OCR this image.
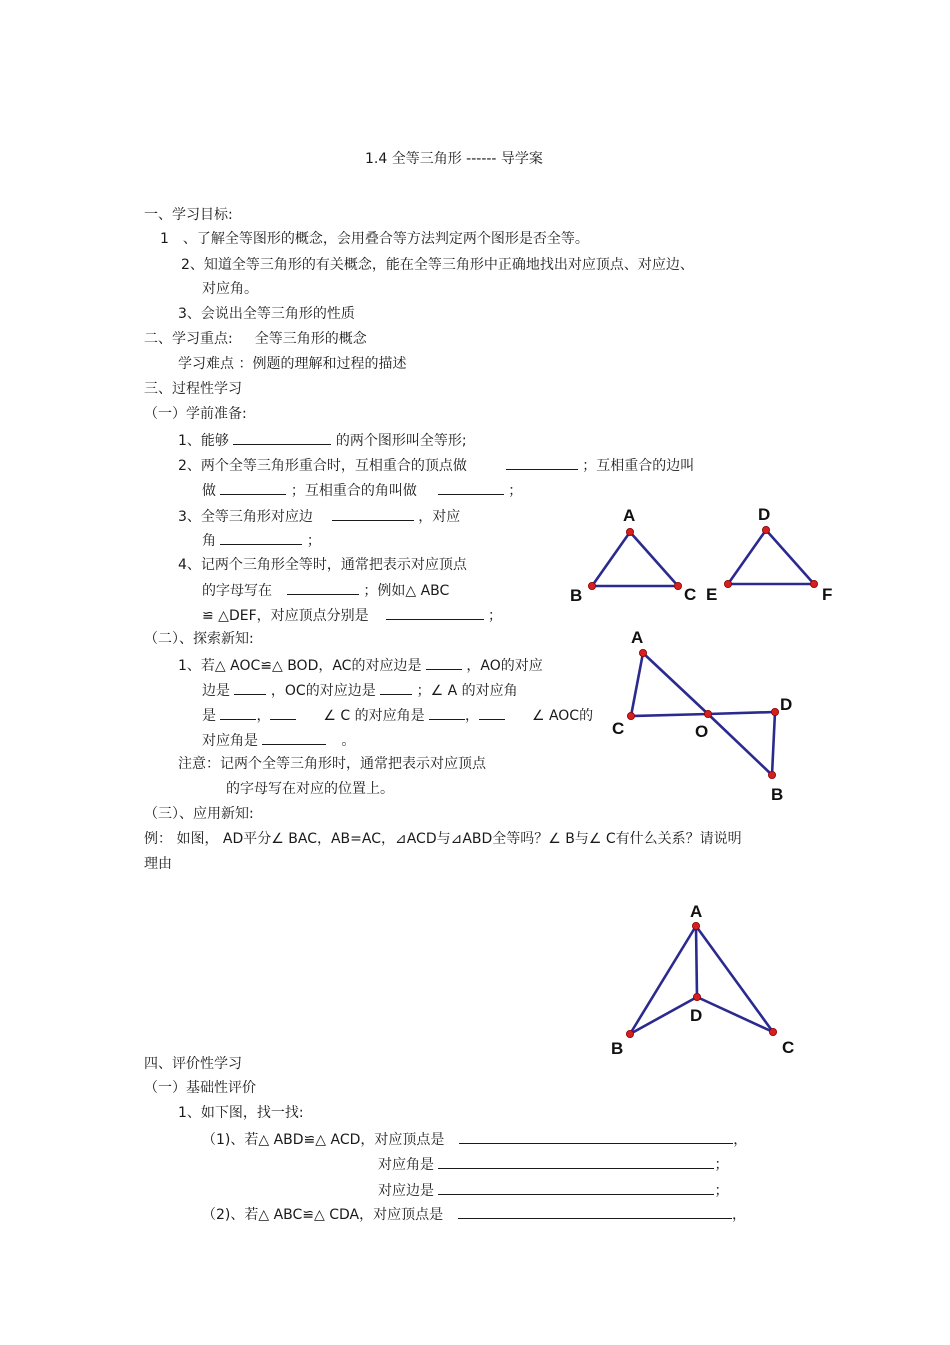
1.4 全等三角形 ------ 导学案
一、学习目标:
1 、了解全等图形的概念，会用叠合等方法判定两个图形是否全等。
2、知道全等三角形的有关概念，能在全等三角形中正确地找出对应顶点、对应边、
对应角。
3、会说出全等三角形的性质
二、学习重点: 全等三角形的概念
学习难点 ：例题的理解和过程的描述
三、过程性学习
（一）学前准备:
1、能够	的两个图形叫全等形;
2、两个全等三角形重合时，互相重合的顶点做	；互相重合的边叫
做	；互相重合的角叫做	；
3、全等三角形对应边	，对应
角	；
4、记两个三角形全等时，通常把表示对应顶点
的字母写在	；例如△ ABC
≌ △DEF，对应顶点分别是	；
（二）、探索新知:
1、若△ AOC≌△ BOD，AC的对应边是	，AO的对应
边是	，OC的对应边是	；∠ A 的对应角
是	，	∠ C 的对应角是	，	∠ AOC的
对应角是	。
注意：记两个全等三角形时，通常把表示对应顶点
的字母写在对应的位置上。
（三）、应用新知:
例： 如图， AD平分∠ BAC，AB=AC，⊿ACD与⊿ABD全等吗？∠ B与∠ C有什么关系？请说明
理由
四、评价性学习
（一）基础性评价
1、如下图，找一找:
（1)、若△ ABD≌△ ACD，对应顶点是	，
对应角是	；
对应边是	；
（2)、若△ ABC≌△ CDA，对应顶点是	，
A
B	C
D
E	F
A
C	O
D
B
A
D
B	C
